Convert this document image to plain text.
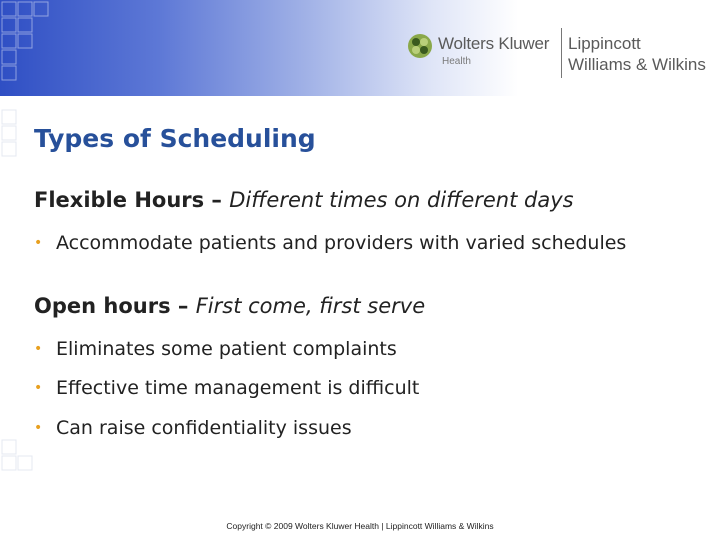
Wolters Kluwer
Health
Lippincott
Williams & Wilkins
Types of Scheduling
Flexible Hours – Different times on different days
• Accommodate patients and providers with varied schedules
Open hours – First come, first serve
• Eliminates some patient complaints
• Effective time management is difficult
• Can raise confidentiality issues
Copyright © 2009 Wolters Kluwer Health | Lippincott Williams & Wilkins
